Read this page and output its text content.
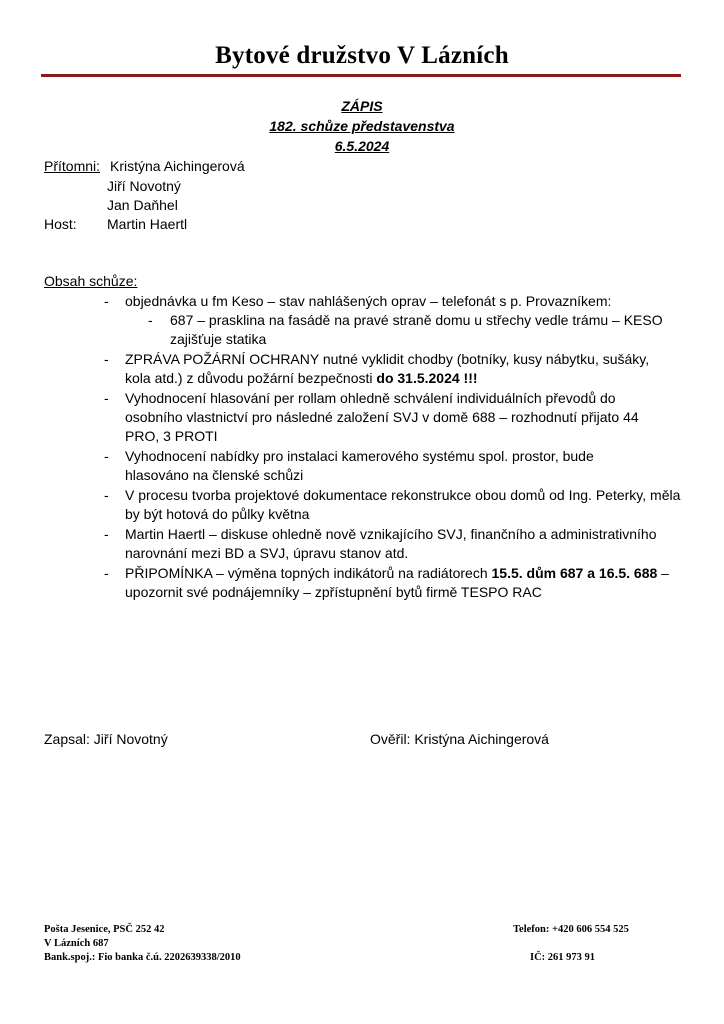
Bytové družstvo V Lázních
ZÁPIS
182. schůze představenstva
6.5.2024
Přítomni: Kristýna Aichingerová
Jiří Novotný
Jan Daňhel
Host: Martin Haertl
Obsah schůze:
- objednávka u fm Keso – stav nahlášených oprav – telefonát s p. Provazníkem:
- 687 – prasklina na fasádě na pravé straně domu u střechy vedle trámu – KESO zajišťuje statika
- ZPRÁVA POŽÁRNÍ OCHRANY nutné vyklidit chodby (botníky, kusy nábytku, sušáky, kola atd.) z důvodu požární bezpečnosti do 31.5.2024 !!!
- Vyhodnocení hlasování per rollam ohledně schválení individuálních převodů do osobního vlastnictví pro následné založení SVJ v domě 688 – rozhodnutí přijato 44 PRO, 3 PROTI
- Vyhodnocení nabídky pro instalaci kamerového systému spol. prostor, bude hlasováno na členské schůzi
- V procesu tvorba projektové dokumentace rekonstrukce obou domů od Ing. Peterky, měla by být hotová do půlky května
- Martin Haertl – diskuse ohledně nově vznikajícího SVJ, finančního a administrativního narovnání mezi BD a SVJ, úpravu stanov atd.
- PŘIPOMÍNKA – výměna topných indikátorů na radiátorech 15.5. dům 687 a 16.5. 688 – upozornit své podnájemníky – zpřístupnění bytů firmě TESPO RAC
Zapsal: Jiří Novotný	Ověřil: Kristýna Aichingerová
Pošta Jesenice, PSČ 252 42
V Lázních 687
Bank.spoj.: Fio banka č.ú. 2202639338/2010
Telefon: +420 606 554 525
IČ: 261 973 91
